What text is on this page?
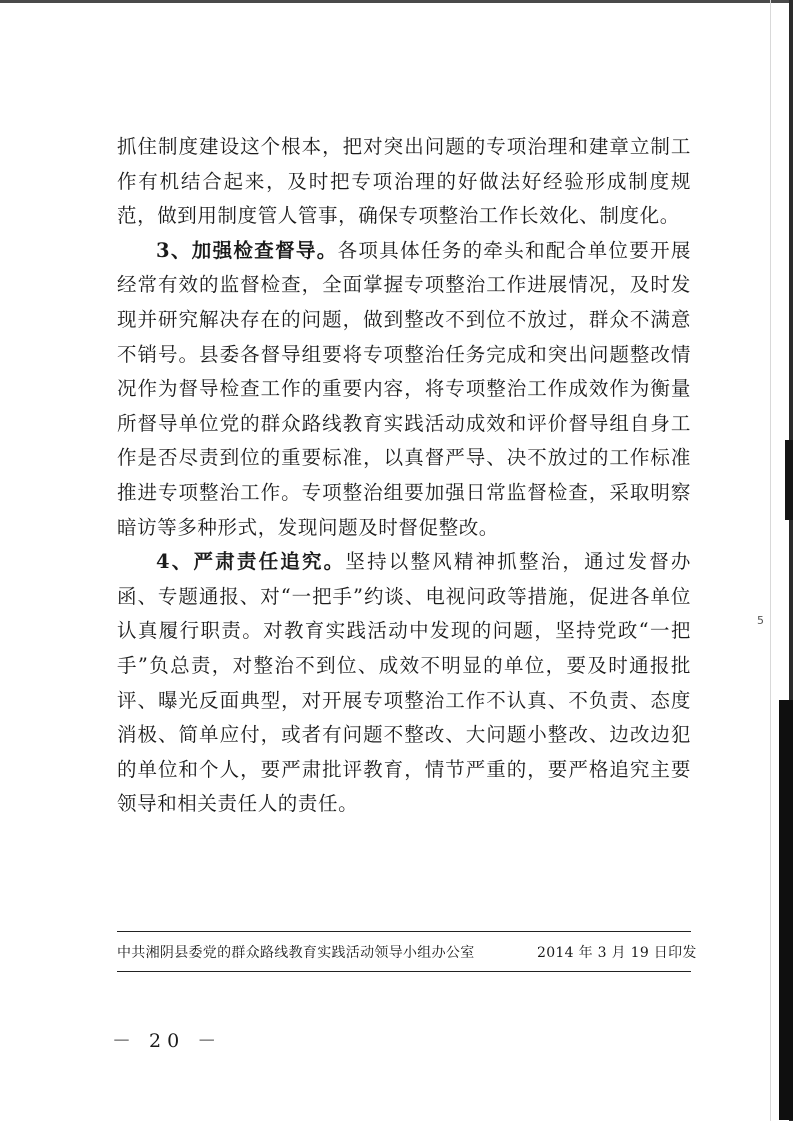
5

抓住制度建设这个根本，把对突出问题的专项治理和建章立制工作有机结合起来，及时把专项治理的好做法好经验形成制度规范，做到用制度管人管事，确保专项整治工作长效化、制度化。

3、加强检查督导。各项具体任务的牵头和配合单位要开展经常有效的监督检查，全面掌握专项整治工作进展情况，及时发现并研究解决存在的问题，做到整改不到位不放过，群众不满意不销号。县委各督导组要将专项整治任务完成和突出问题整改情况作为督导检查工作的重要内容，将专项整治工作成效作为衡量所督导单位党的群众路线教育实践活动成效和评价督导组自身工作是否尽责到位的重要标准，以真督严导、决不放过的工作标准推进专项整治工作。专项整治组要加强日常监督检查，采取明察暗访等多种形式，发现问题及时督促整改。

4、严肃责任追究。坚持以整风精神抓整治，通过发督办函、专题通报、对“一把手”约谈、电视问政等措施，促进各单位认真履行职责。对教育实践活动中发现的问题，坚持党政“一把手”负总责，对整治不到位、成效不明显的单位，要及时通报批评、曝光反面典型，对开展专项整治工作不认真、不负责、态度消极、简单应付，或者有问题不整改、大问题小整改、边改边犯的单位和个人，要严肃批评教育，情节严重的，要严格追究主要领导和相关责任人的责任。

中共湘阴县委党的群众路线教育实践活动领导小组办公室	2014 年 3 月 19 日印发
－ 20 －
